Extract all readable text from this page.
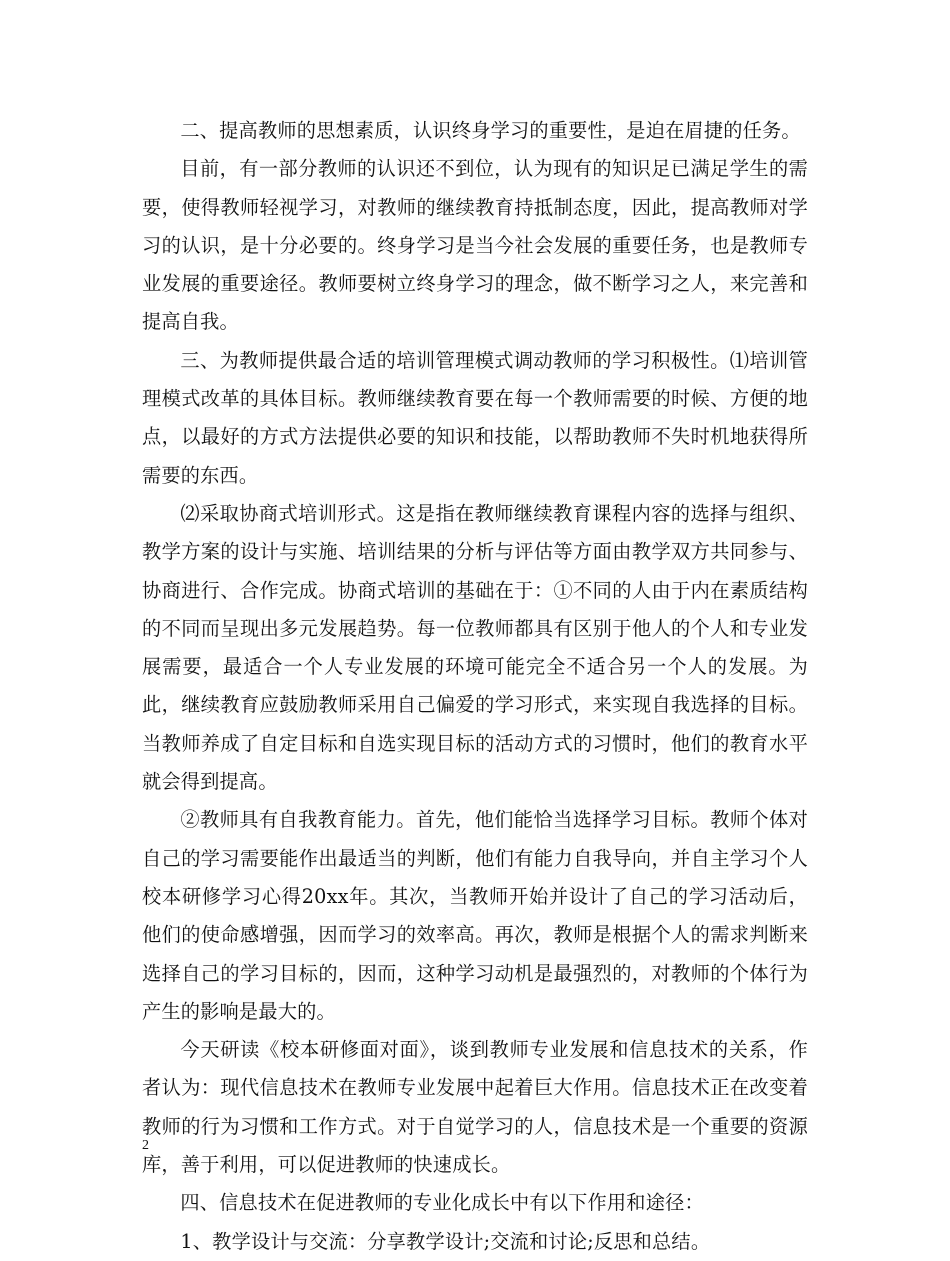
二、提高教师的思想素质，认识终身学习的重要性，是迫在眉捷的任务。

目前，有一部分教师的认识还不到位，认为现有的知识足已满足学生的需要，使得教师轻视学习，对教师的继续教育持抵制态度，因此，提高教师对学习的认识，是十分必要的。终身学习是当今社会发展的重要任务，也是教师专业发展的重要途径。教师要树立终身学习的理念，做不断学习之人，来完善和提高自我。

三、为教师提供最合适的培训管理模式调动教师的学习积极性。⑴培训管理模式改革的具体目标。教师继续教育要在每一个教师需要的时候、方便的地点，以最好的方式方法提供必要的知识和技能，以帮助教师不失时机地获得所需要的东西。

⑵采取协商式培训形式。这是指在教师继续教育课程内容的选择与组织、教学方案的设计与实施、培训结果的分析与评估等方面由教学双方共同参与、协商进行、合作完成。协商式培训的基础在于：①不同的人由于内在素质结构的不同而呈现出多元发展趋势。每一位教师都具有区别于他人的个人和专业发展需要，最适合一个人专业发展的环境可能完全不适合另一个人的发展。为此，继续教育应鼓励教师采用自己偏爱的学习形式，来实现自我选择的目标。当教师养成了自定目标和自选实现目标的活动方式的习惯时，他们的教育水平就会得到提高。

②教师具有自我教育能力。首先，他们能恰当选择学习目标。教师个体对自己的学习需要能作出最适当的判断，他们有能力自我导向，并自主学习个人校本研修学习心得20xx年。其次，当教师开始并设计了自己的学习活动后，他们的使命感增强，因而学习的效率高。再次，教师是根据个人的需求判断来选择自己的学习目标的，因而，这种学习动机是最强烈的，对教师的个体行为产生的影响是最大的。

今天研读《校本研修面对面》，谈到教师专业发展和信息技术的关系，作者认为：现代信息技术在教师专业发展中起着巨大作用。信息技术正在改变着教师的行为习惯和工作方式。对于自觉学习的人，信息技术是一个重要的资源库，善于利用，可以促进教师的快速成长。

四、信息技术在促进教师的专业化成长中有以下作用和途径：

1、教学设计与交流：分享教学设计;交流和讨论;反思和总结。

2
